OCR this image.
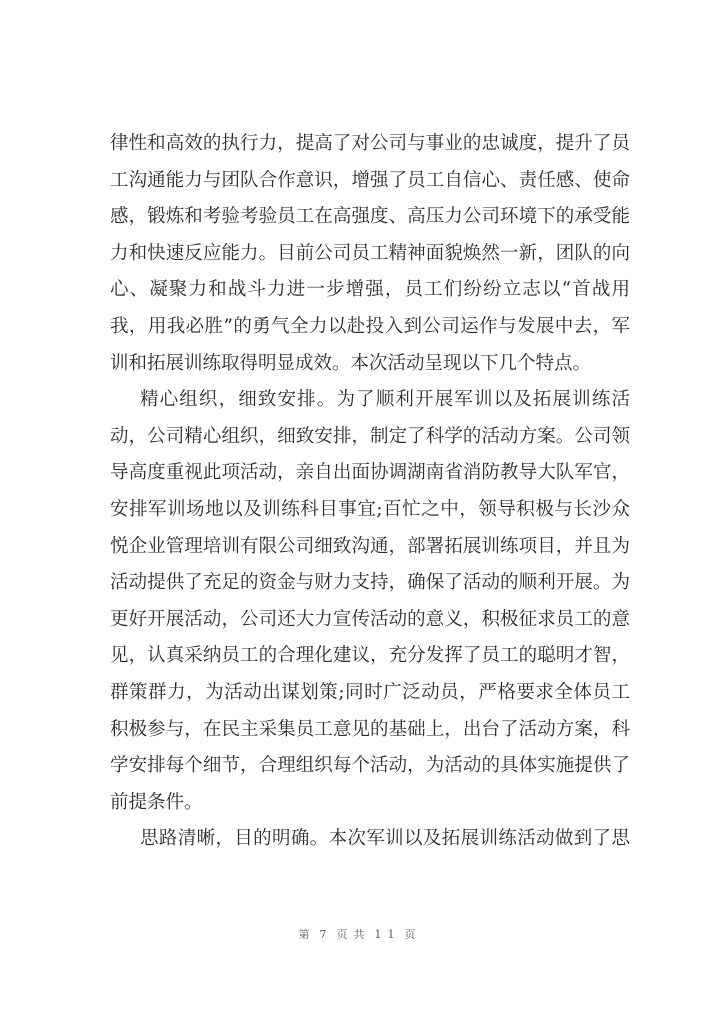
律性和高效的执行力，提高了对公司与事业的忠诚度，提升了员
工沟通能力与团队合作意识，增强了员工自信心、责任感、使命
感，锻炼和考验考验员工在高强度、高压力公司环境下的承受能
力和快速反应能力。目前公司员工精神面貌焕然一新，团队的向
心、凝聚力和战斗力进一步增强，员工们纷纷立志以“首战用
我，用我必胜”的勇气全力以赴投入到公司运作与发展中去，军
训和拓展训练取得明显成效。本次活动呈现以下几个特点。
精心组织，细致安排。为了顺利开展军训以及拓展训练活
动，公司精心组织，细致安排，制定了科学的活动方案。公司领
导高度重视此项活动，亲自出面协调湖南省消防教导大队军官，
安排军训场地以及训练科目事宜;百忙之中，领导积极与长沙众
悦企业管理培训有限公司细致沟通，部署拓展训练项目，并且为
活动提供了充足的资金与财力支持，确保了活动的顺利开展。为
更好开展活动，公司还大力宣传活动的意义，积极征求员工的意
见，认真采纳员工的合理化建议，充分发挥了员工的聪明才智，
群策群力，为活动出谋划策;同时广泛动员，严格要求全体员工
积极参与，在民主采集员工意见的基础上，出台了活动方案，科
学安排每个细节，合理组织每个活动，为活动的具体实施提供了
前提条件。
思路清晰，目的明确。本次军训以及拓展训练活动做到了思
第 7 页共 11 页
